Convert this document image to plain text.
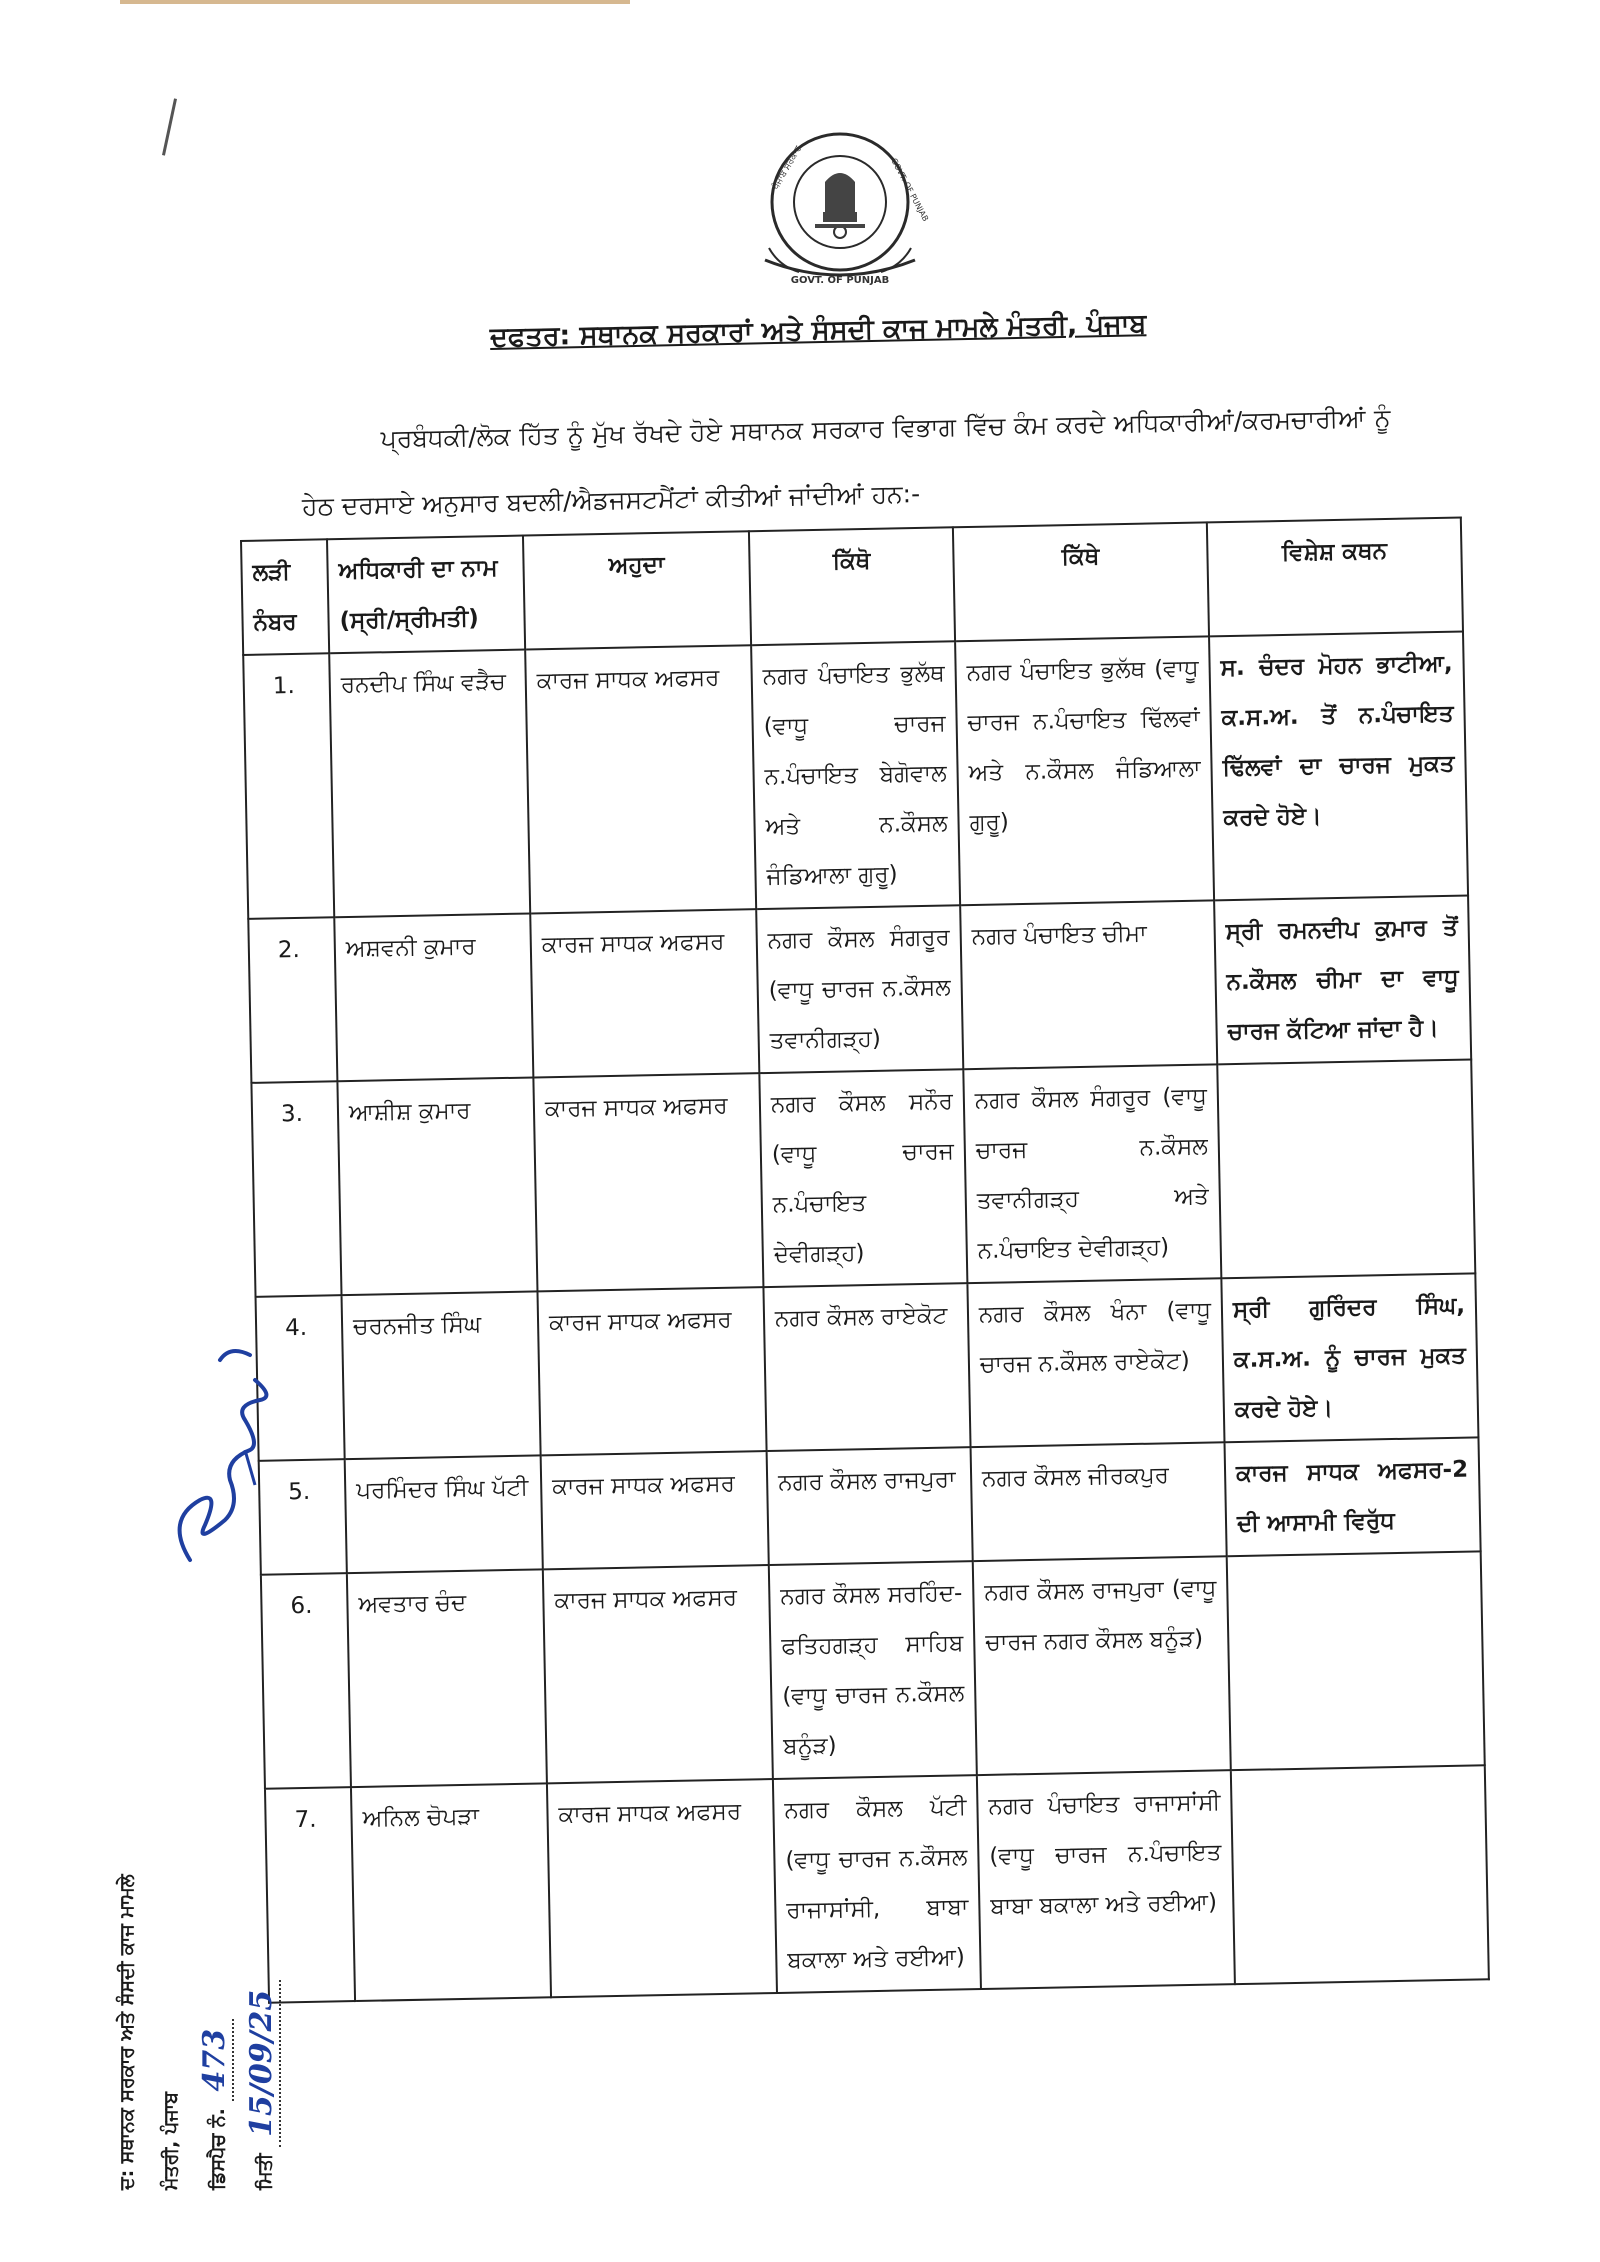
ਪੰਜਾਬ ਸਰਕਾਰ	GOVT. OF PUNJAB
GOVT. OF PUNJAB
ਦਫਤਰ: ਸਥਾਨਕ ਸਰਕਾਰਾਂ ਅਤੇ ਸੰਸਦੀ ਕਾਜ ਮਾਮਲੇ ਮੰਤਰੀ, ਪੰਜਾਬ
ਪ੍ਰਬੰਧਕੀ/ਲੋਕ ਹਿੱਤ ਨੂੰ ਮੁੱਖ ਰੱਖਦੇ ਹੋਏ ਸਥਾਨਕ ਸਰਕਾਰ ਵਿਭਾਗ ਵਿੱਚ ਕੰਮ ਕਰਦੇ ਅਧਿਕਾਰੀਆਂ/ਕਰਮਚਾਰੀਆਂ ਨੂੰ ਹੇਠ ਦਰਸਾਏ ਅਨੁਸਾਰ ਬਦਲੀ/ਐਡਜਸਟਮੈਂਟਾਂ ਕੀਤੀਆਂ ਜਾਂਦੀਆਂ ਹਨ:-
ਲੜੀ ਨੰਬਰ	ਅਧਿਕਾਰੀ ਦਾ ਨਾਮ (ਸ੍ਰੀ/ਸ੍ਰੀਮਤੀ)	ਅਹੁਦਾ	ਕਿੱਥੋ	ਕਿੱਥੇ	ਵਿਸ਼ੇਸ਼ ਕਥਨ
1.	ਰਨਦੀਪ ਸਿੰਘ ਵੜੈਚ	ਕਾਰਜ ਸਾਧਕ ਅਫਸਰ	ਨਗਰ ਪੰਚਾਇਤ ਭੁਲੱਥ (ਵਾਧੂ ਚਾਰਜ ਨ.ਪੰਚਾਇਤ ਬੇਗੋਵਾਲ ਅਤੇ ਨ.ਕੌਸਲ ਜੰਡਿਆਲਾ ਗੁਰੂ)	ਨਗਰ ਪੰਚਾਇਤ ਭੁਲੱਥ (ਵਾਧੂ ਚਾਰਜ ਨ.ਪੰਚਾਇਤ ਢਿੱਲਵਾਂ ਅਤੇ ਨ.ਕੌਸਲ ਜੰਡਿਆਲਾ ਗੁਰੂ)	ਸ. ਚੰਦਰ ਮੋਹਨ ਭਾਟੀਆ, ਕ.ਸ.ਅ. ਤੋਂ ਨ.ਪੰਚਾਇਤ ਢਿੱਲਵਾਂ ਦਾ ਚਾਰਜ ਮੁਕਤ ਕਰਦੇ ਹੋਏ।
2.	ਅਸ਼ਵਨੀ ਕੁਮਾਰ	ਕਾਰਜ ਸਾਧਕ ਅਫਸਰ	ਨਗਰ ਕੌਸਲ ਸੰਗਰੂਰ (ਵਾਧੂ ਚਾਰਜ ਨ.ਕੌਸਲ ਤਵਾਨੀਗੜ੍ਹ)	ਨਗਰ ਪੰਚਾਇਤ ਚੀਮਾ	ਸ੍ਰੀ ਰਮਨਦੀਪ ਕੁਮਾਰ ਤੋਂ ਨ.ਕੌਸਲ ਚੀਮਾ ਦਾ ਵਾਧੂ ਚਾਰਜ ਕੱਟਿਆ ਜਾਂਦਾ ਹੈ।
3.	ਆਸ਼ੀਸ਼ ਕੁਮਾਰ	ਕਾਰਜ ਸਾਧਕ ਅਫਸਰ	ਨਗਰ ਕੌਸਲ ਸਨੌਰ (ਵਾਧੂ ਚਾਰਜ ਨ.ਪੰਚਾਇਤ ਦੇਵੀਗੜ੍ਹ)	ਨਗਰ ਕੌਸਲ ਸੰਗਰੂਰ (ਵਾਧੂ ਚਾਰਜ ਨ.ਕੌਸਲ ਤਵਾਨੀਗੜ੍ਹ ਅਤੇ ਨ.ਪੰਚਾਇਤ ਦੇਵੀਗੜ੍ਹ)	
4.	ਚਰਨਜੀਤ ਸਿੰਘ	ਕਾਰਜ ਸਾਧਕ ਅਫਸਰ	ਨਗਰ ਕੌਸਲ ਰਾਏਕੋਟ	ਨਗਰ ਕੌਸਲ ਖੰਨਾ (ਵਾਧੂ ਚਾਰਜ ਨ.ਕੌਸਲ ਰਾਏਕੋਟ)	ਸ੍ਰੀ ਗੁਰਿੰਦਰ ਸਿੰਘ, ਕ.ਸ.ਅ. ਨੂੰ ਚਾਰਜ ਮੁਕਤ ਕਰਦੇ ਹੋਏ।
5.	ਪਰਮਿੰਦਰ ਸਿੰਘ ਪੱਟੀ	ਕਾਰਜ ਸਾਧਕ ਅਫਸਰ	ਨਗਰ ਕੌਸਲ ਰਾਜਪੁਰਾ	ਨਗਰ ਕੌਸਲ ਜੀਰਕਪੁਰ	ਕਾਰਜ ਸਾਧਕ ਅਫਸਰ-2 ਦੀ ਆਸਾਮੀ ਵਿਰੁੱਧ
6.	ਅਵਤਾਰ ਚੰਦ	ਕਾਰਜ ਸਾਧਕ ਅਫਸਰ	ਨਗਰ ਕੌਸਲ ਸਰਹਿੰਦ-ਫਤਿਹਗੜ੍ਹ ਸਾਹਿਬ (ਵਾਧੂ ਚਾਰਜ ਨ.ਕੌਸਲ ਬਨੂੰੜ)	ਨਗਰ ਕੌਸਲ ਰਾਜਪੁਰਾ (ਵਾਧੂ ਚਾਰਜ ਨਗਰ ਕੌਸਲ ਬਨੂੰੜ)	
7.	ਅਨਿਲ ਚੋਪੜਾ	ਕਾਰਜ ਸਾਧਕ ਅਫਸਰ	ਨਗਰ ਕੌਸਲ ਪੱਟੀ (ਵਾਧੂ ਚਾਰਜ ਨ.ਕੌਸਲ ਰਾਜਾਸਾਂਸੀ, ਬਾਬਾ ਬਕਾਲਾ ਅਤੇ ਰਈਆ)	ਨਗਰ ਪੰਚਾਇਤ ਰਾਜਾਸਾਂਸੀ (ਵਾਧੂ ਚਾਰਜ ਨ.ਪੰਚਾਇਤ ਬਾਬਾ ਬਕਾਲਾ ਅਤੇ ਰਈਆ)	
ਦ: ਸਥਾਨਕ ਸਰਕਾਰ ਅਤੇ ਸੰਸਦੀ ਕਾਜ ਮਾਮਲੇ ਮੰਤਰੀ, ਪੰਜਾਬ	ਡਿਸਪੈਚ ਨੰ. 473
ਮਿਤੀ 15/09/25
